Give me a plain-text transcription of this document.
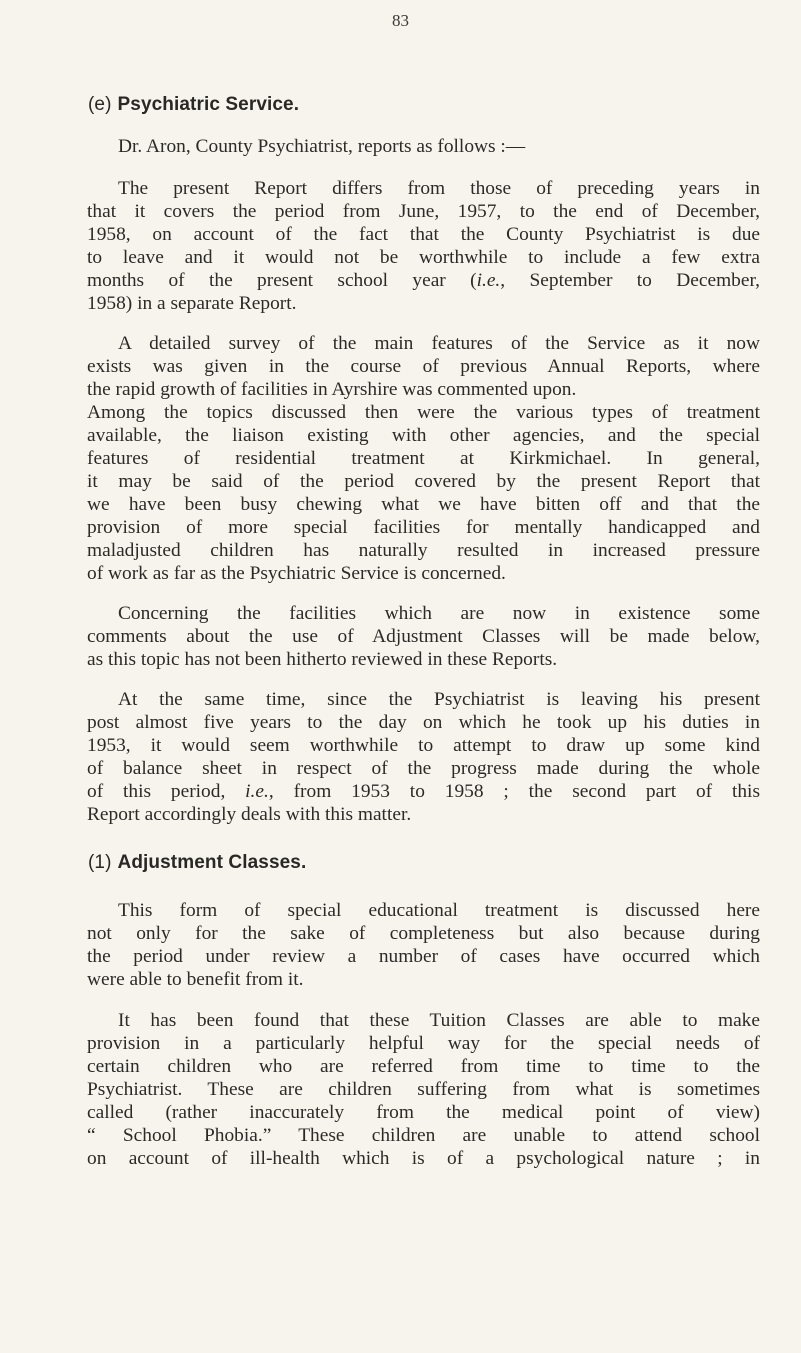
83
(e) Psychiatric Service.
Dr. Aron, County Psychiatrist, reports as follows :—
The present Report differs from those of preceding years in
that it covers the period from June, 1957, to the end of December,
1958, on account of the fact that the County Psychiatrist is due
to leave and it would not be worthwhile to include a few extra
months of the present school year (i.e., September to December,
1958) in a separate Report.
A detailed survey of the main features of the Service as it now
exists was given in the course of previous Annual Reports, where
the rapid growth of facilities in Ayrshire was commented upon.
Among the topics discussed then were the various types of treatment
available, the liaison existing with other agencies, and the special
features of residential treatment at Kirkmichael. In general,
it may be said of the period covered by the present Report that
we have been busy chewing what we have bitten off and that the
provision of more special facilities for mentally handicapped and
maladjusted children has naturally resulted in increased pressure
of work as far as the Psychiatric Service is concerned.
Concerning the facilities which are now in existence some
comments about the use of Adjustment Classes will be made below,
as this topic has not been hitherto reviewed in these Reports.
At the same time, since the Psychiatrist is leaving his present
post almost five years to the day on which he took up his duties in
1953, it would seem worthwhile to attempt to draw up some kind
of balance sheet in respect of the progress made during the whole
of this period, i.e., from 1953 to 1958 ; the second part of this
Report accordingly deals with this matter.
(1) Adjustment Classes.
This form of special educational treatment is discussed here
not only for the sake of completeness but also because during
the period under review a number of cases have occurred which
were able to benefit from it.
It has been found that these Tuition Classes are able to make
provision in a particularly helpful way for the special needs of
certain children who are referred from time to time to the
Psychiatrist. These are children suffering from what is sometimes
called (rather inaccurately from the medical point of view)
“ School Phobia.” These children are unable to attend school
on account of ill-health which is of a psychological nature ; in
